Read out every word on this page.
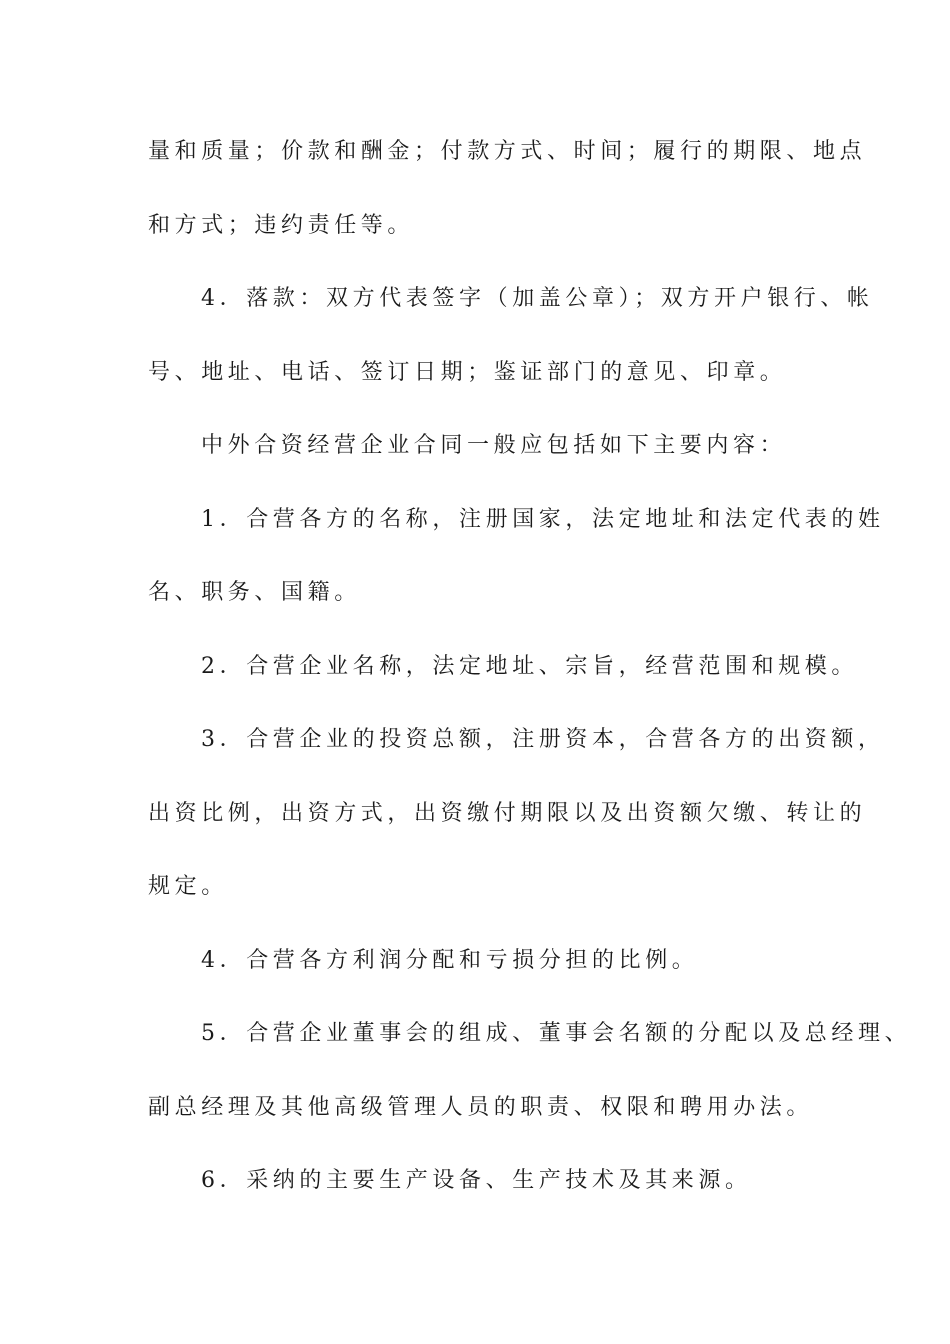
量和质量；价款和酬金；付款方式、时间；履行的期限、地点
和方式；违约责任等。
4．落款：双方代表签字（加盖公章）；双方开户银行、帐
号、地址、电话、签订日期；鉴证部门的意见、印章。
中外合资经营企业合同一般应包括如下主要内容：
1．合营各方的名称，注册国家，法定地址和法定代表的姓
名、职务、国籍。
2．合营企业名称，法定地址、宗旨，经营范围和规模。
3．合营企业的投资总额，注册资本，合营各方的出资额，
出资比例，出资方式，出资缴付期限以及出资额欠缴、转让的
规定。
4．合营各方利润分配和亏损分担的比例。
5．合营企业董事会的组成、董事会名额的分配以及总经理、
副总经理及其他高级管理人员的职责、权限和聘用办法。
6．采纳的主要生产设备、生产技术及其来源。
